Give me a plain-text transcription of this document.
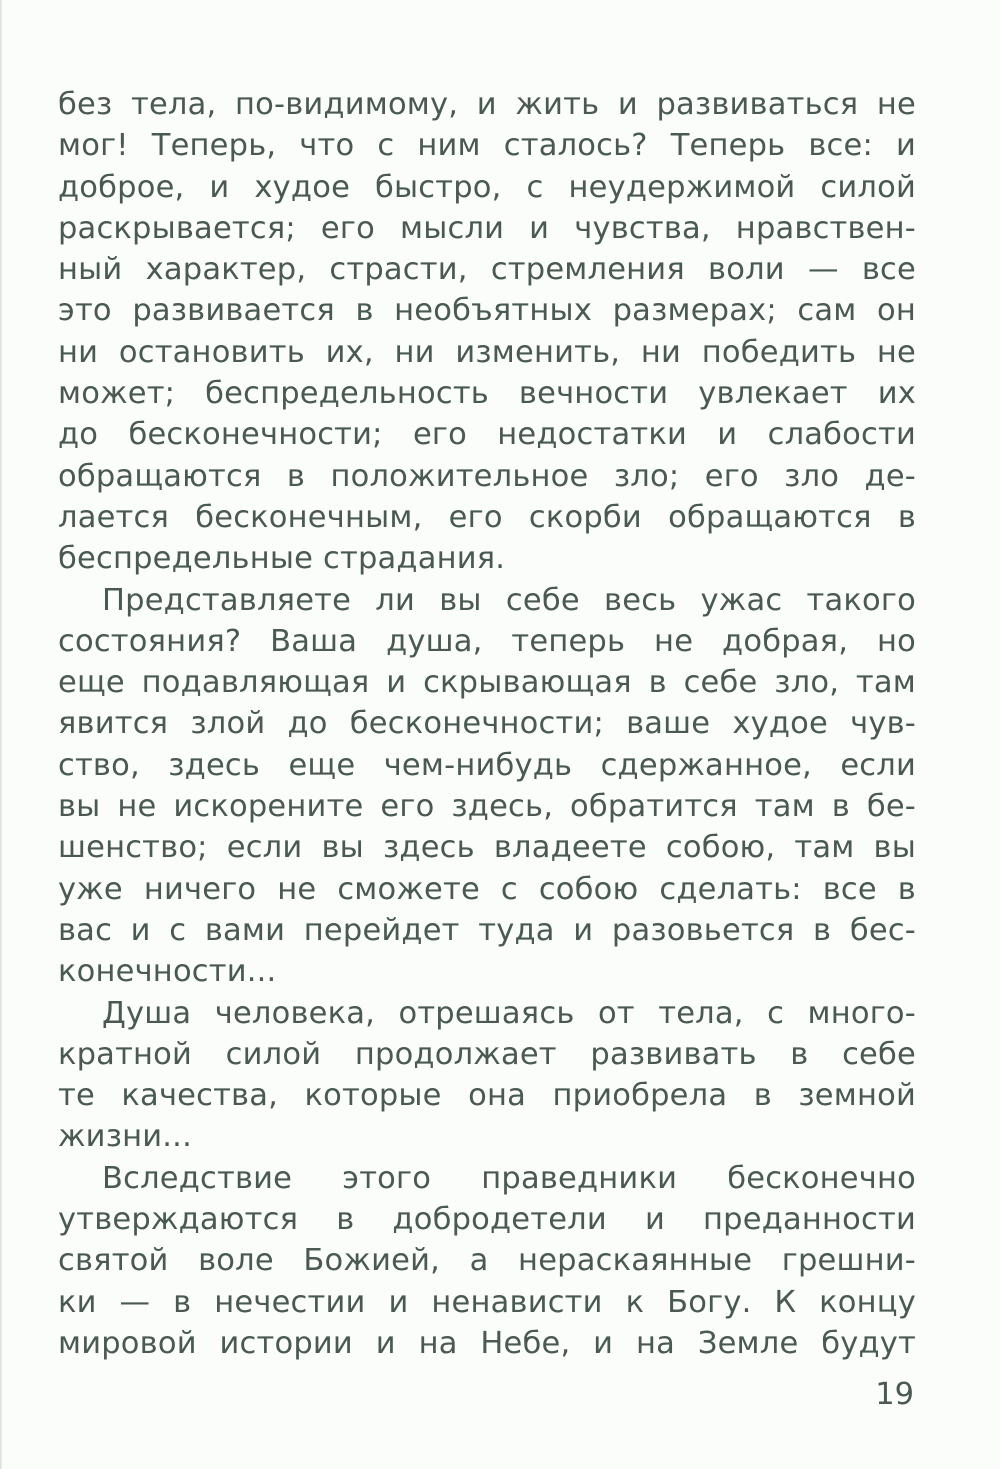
без тела, по-видимому, и жить и развиваться не
мог! Теперь, что с ним сталось? Теперь все: и
доброе, и худое быстро, с неудержимой силой
раскрывается; его мысли и чувства, нравствен-
ный характер, страсти, стремления воли — все
это развивается в необъятных размерах; сам он
ни остановить их, ни изменить, ни победить не
может; беспредельность вечности увлекает их
до бесконечности; его недостатки и слабости
обращаются в положительное зло; его зло де-
лается бесконечным, его скорби обращаются в
беспредельные страдания.
Представляете ли вы себе весь ужас такого
состояния? Ваша душа, теперь не добрая, но
еще подавляющая и скрывающая в себе зло, там
явится злой до бесконечности; ваше худое чув-
ство, здесь еще чем-нибудь сдержанное, если
вы не искорените его здесь, обратится там в бе-
шенство; если вы здесь владеете собою, там вы
уже ничего не сможете с собою сделать: все в
вас и с вами перейдет туда и разовьется в бес-
конечности...
Душа человека, отрешаясь от тела, с много-
кратной силой продолжает развивать в себе
те качества, которые она приобрела в земной
жизни...
Вследствие этого праведники бесконечно
утверждаются в добродетели и преданности
святой воле Божией, а нераскаянные грешни-
ки — в нечестии и ненависти к Богу. К концу
мировой истории и на Небе, и на Земле будут
19
